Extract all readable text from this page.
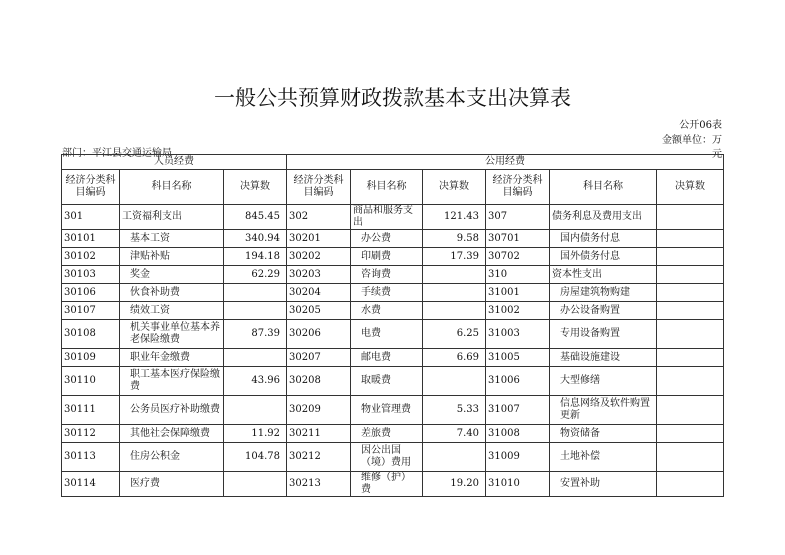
一般公共预算财政拨款基本支出决算表
公开06表
金额单位：万
元
部门：平江县交通运输局
人员经费			公用经费					
经济分类科目编码	科目名称	决算数	经济分类科目编码	科目名称	决算数	经济分类科目编码	科目名称	决算数
301	工资福利支出	845.45	302	商品和服务支出	121.43	307	债务利息及费用支出	
30101	基本工资	340.94	30201	办公费	9.58	30701	国内债务付息	
30102	津贴补贴	194.18	30202	印刷费	17.39	30702	国外债务付息	
30103	奖金	62.29	30203	咨询费		310	资本性支出	
30106	伙食补助费		30204	手续费		31001	房屋建筑物购建	
30107	绩效工资		30205	水费		31002	办公设备购置	
30108	机关事业单位基本养老保险缴费	87.39	30206	电费	6.25	31003	专用设备购置	
30109	职业年金缴费		30207	邮电费	6.69	31005	基础设施建设	
30110	职工基本医疗保险缴费	43.96	30208	取暖费		31006	大型修缮	
30111	公务员医疗补助缴费		30209	物业管理费	5.33	31007	信息网络及软件购置更新	
30112	其他社会保障缴费	11.92	30211	差旅费	7.40	31008	物资储备	
30113	住房公积金	104.78	30212	因公出国（境）费用		31009	土地补偿	
30114	医疗费		30213	维修（护）费	19.20	31010	安置补助	
